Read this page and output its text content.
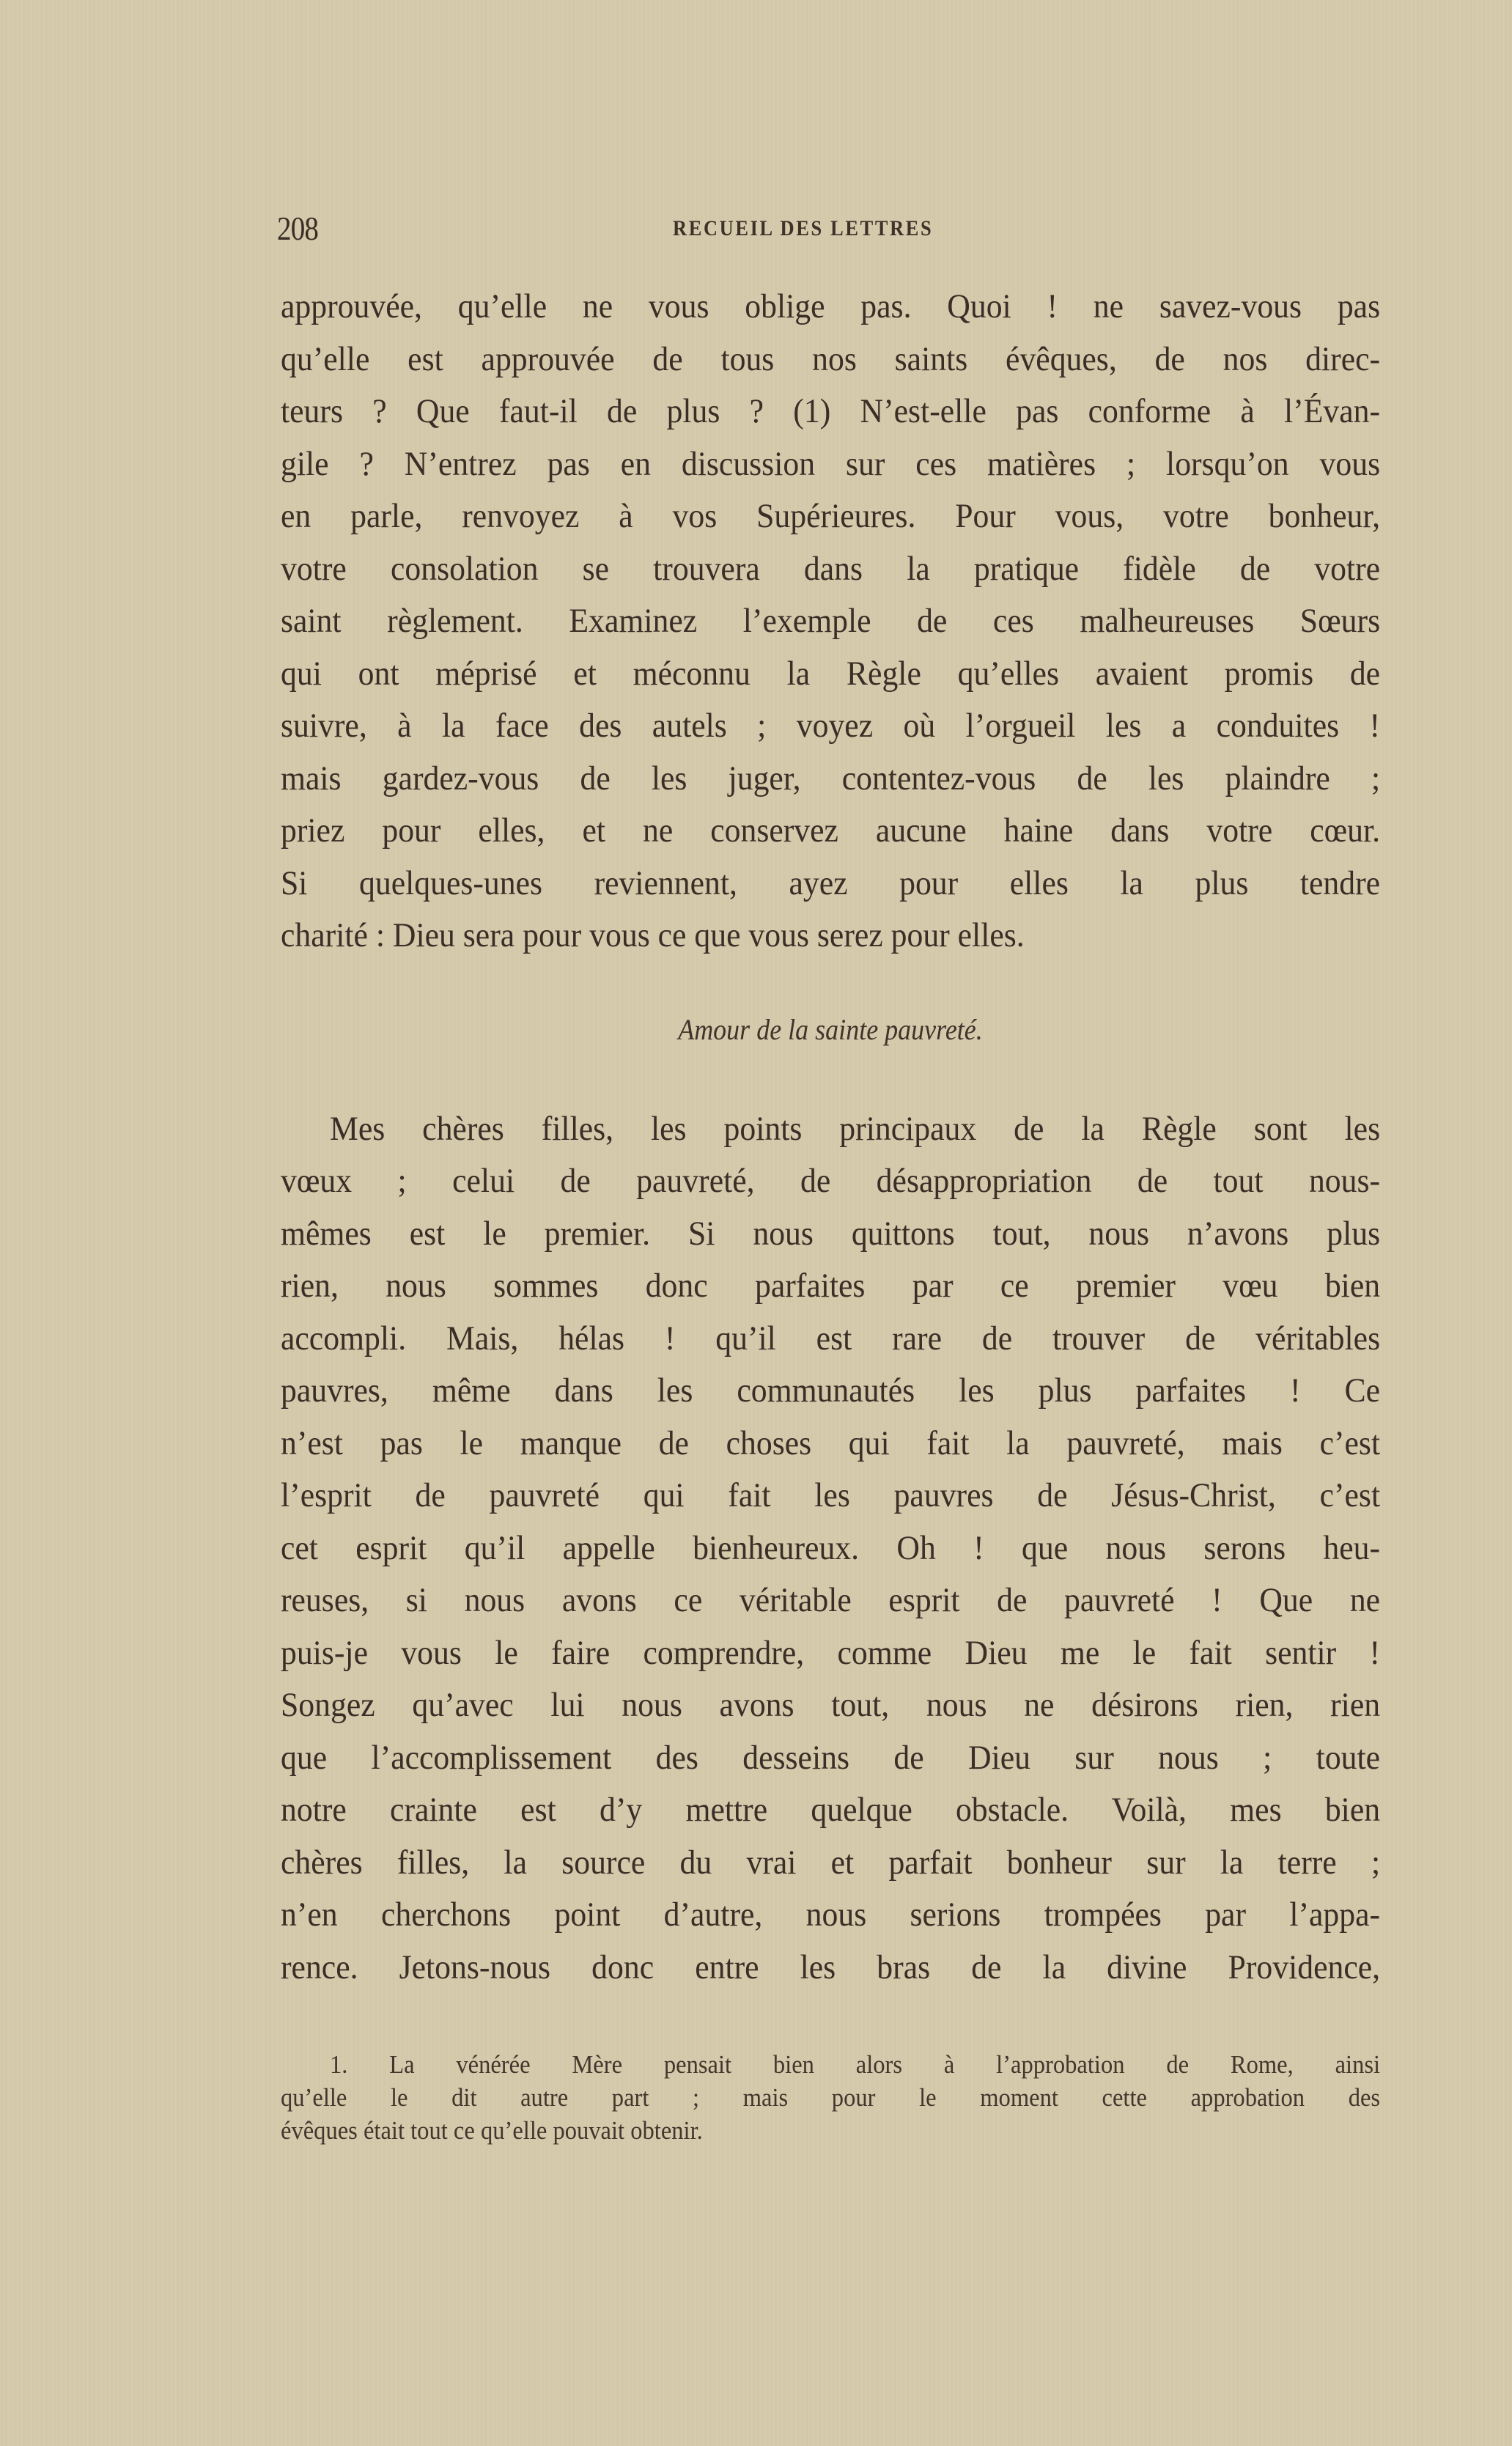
208	RECUEIL DES LETTRES
approuvée, qu’elle ne vous oblige pas. Quoi ! ne savez-vous pas
qu’elle est approuvée de tous nos saints évêques, de nos direc-
teurs ? Que faut-il de plus ? (1) N’est-elle pas conforme à l’Évan-
gile ? N’entrez pas en discussion sur ces matières ; lorsqu’on vous
en parle, renvoyez à vos Supérieures. Pour vous, votre bonheur,
votre consolation se trouvera dans la pratique fidèle de votre
saint règlement. Examinez l’exemple de ces malheureuses Sœurs
qui ont méprisé et méconnu la Règle qu’elles avaient promis de
suivre, à la face des autels ; voyez où l’orgueil les a conduites !
mais gardez-vous de les juger, contentez-vous de les plaindre ;
priez pour elles, et ne conservez aucune haine dans votre cœur.
Si quelques-unes reviennent, ayez pour elles la plus tendre
charité : Dieu sera pour vous ce que vous serez pour elles.
Amour de la sainte pauvreté.
Mes chères filles, les points principaux de la Règle sont les
vœux ; celui de pauvreté, de désappropriation de tout nous-
mêmes est le premier. Si nous quittons tout, nous n’avons plus
rien, nous sommes donc parfaites par ce premier vœu bien
accompli. Mais, hélas ! qu’il est rare de trouver de véritables
pauvres, même dans les communautés les plus parfaites ! Ce
n’est pas le manque de choses qui fait la pauvreté, mais c’est
l’esprit de pauvreté qui fait les pauvres de Jésus-Christ, c’est
cet esprit qu’il appelle bienheureux. Oh ! que nous serons heu-
reuses, si nous avons ce véritable esprit de pauvreté ! Que ne
puis-je vous le faire comprendre, comme Dieu me le fait sentir !
Songez qu’avec lui nous avons tout, nous ne désirons rien, rien
que l’accomplissement des desseins de Dieu sur nous ; toute
notre crainte est d’y mettre quelque obstacle. Voilà, mes bien
chères filles, la source du vrai et parfait bonheur sur la terre ;
n’en cherchons point d’autre, nous serions trompées par l’appa-
rence. Jetons-nous donc entre les bras de la divine Providence,
1. La vénérée Mère pensait bien alors à l’approbation de Rome, ainsi
qu’elle le dit autre part ; mais pour le moment cette approbation des
évêques était tout ce qu’elle pouvait obtenir.
